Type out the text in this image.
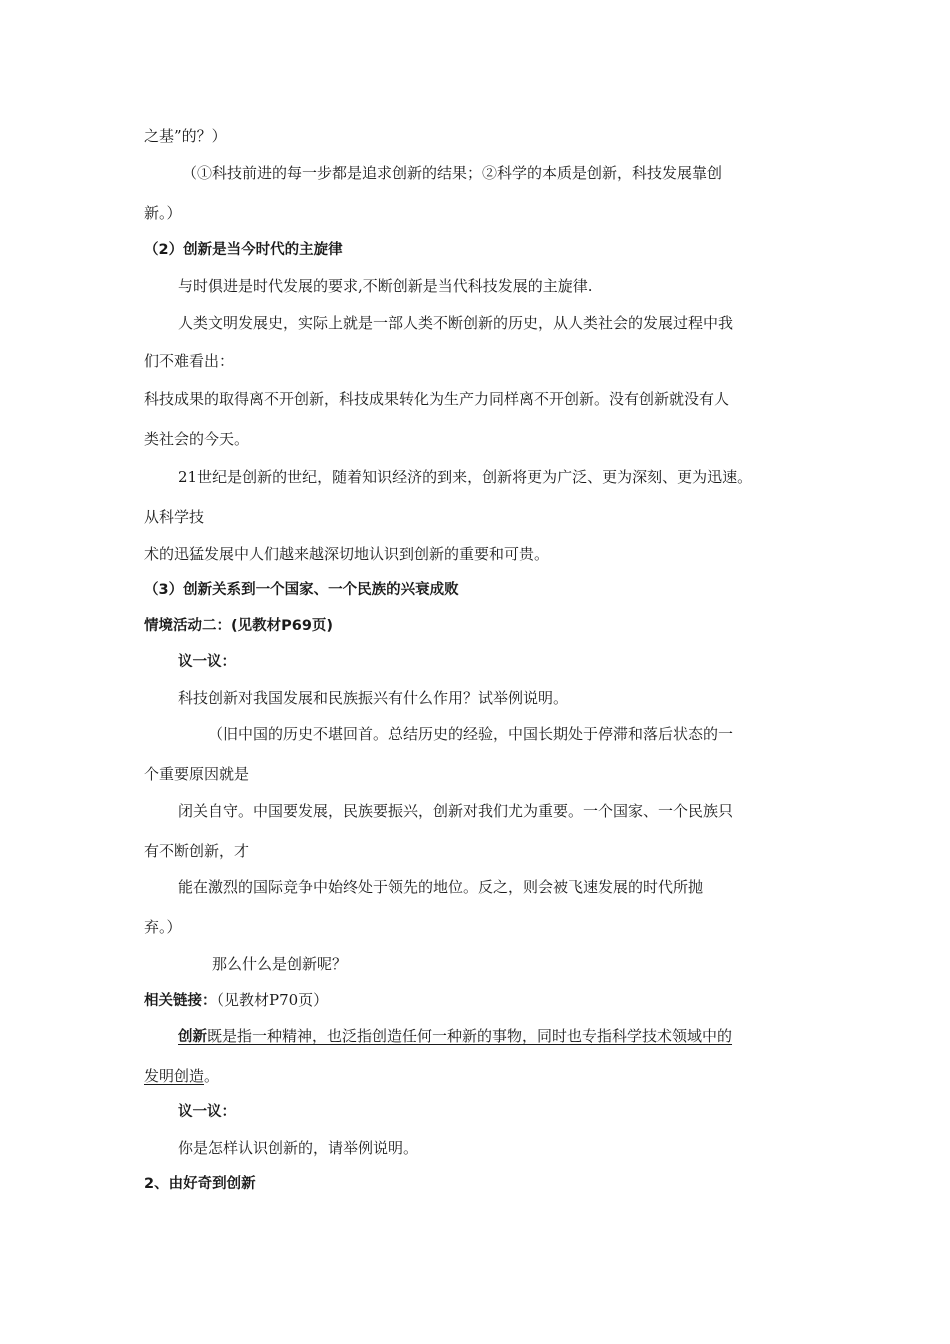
之基”的？）
（①科技前进的每一步都是追求创新的结果；②科学的本质是创新，科技发展靠创
新。）
（2）创新是当今时代的主旋律
与时俱进是时代发展的要求,不断创新是当代科技发展的主旋律.
人类文明发展史，实际上就是一部人类不断创新的历史，从人类社会的发展过程中我
们不难看出：
科技成果的取得离不开创新，科技成果转化为生产力同样离不开创新。没有创新就没有人
类社会的今天。
21世纪是创新的世纪，随着知识经济的到来，创新将更为广泛、更为深刻、更为迅速。
从科学技
术的迅猛发展中人们越来越深切地认识到创新的重要和可贵。
（3）创新关系到一个国家、一个民族的兴衰成败
情境活动二：(见教材P69页)
议一议：
科技创新对我国发展和民族振兴有什么作用？试举例说明。
（旧中国的历史不堪回首。总结历史的经验，中国长期处于停滞和落后状态的一
个重要原因就是
闭关自守。中国要发展，民族要振兴，创新对我们尤为重要。一个国家、一个民族只
有不断创新，才
能在激烈的国际竞争中始终处于领先的地位。反之，则会被飞速发展的时代所抛
弃。）
那么什么是创新呢？
相关链接：（见教材P70页）
创新既是指一种精神，也泛指创造任何一种新的事物，同时也专指科学技术领域中的
发明创造。
议一议：
你是怎样认识创新的，请举例说明。
2、由好奇到创新
